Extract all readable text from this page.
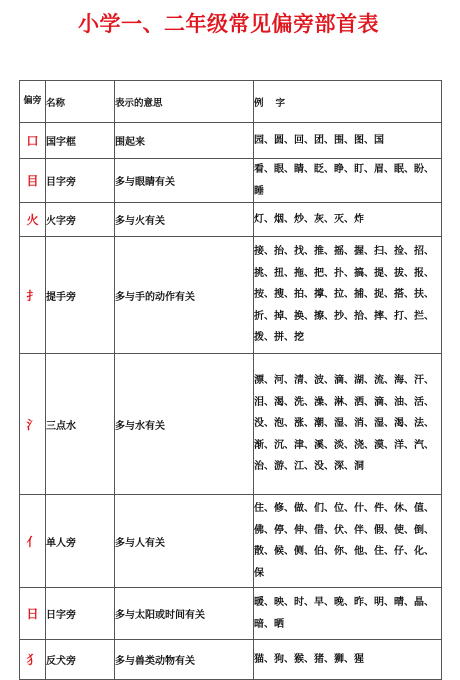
小学一、二年级常见偏旁部首表
偏旁	名称	表示的意思	例字
口	国字框	围起来	园、圆、回、团、围、图、国
目	目字旁	多与眼睛有关	看、眼、睛、眨、睁、盯、眉、眠、盼、睡
火	火字旁	多与火有关	灯、烟、炒、灰、灭、炸
扌	提手旁	多与手的动作有关	接、抬、找、推、摇、握、扫、捡、招、挑、扭、拖、把、扑、搞、提、拔、报、按、搜、拍、撑、拉、捕、捉、搭、扶、折、掉、换、擦、抄、拾、摔、打、拦、拨、拼、挖
氵	三点水	多与水有关	漂、河、清、波、滴、湖、流、海、汗、泪、渴、洗、澡、淋、洒、滴、油、活、没、泡、涨、潮、湿、消、湿、渴、法、渐、沉、津、溪、淡、浇、漠、洋、汽、治、游、江、没、深、洞
亻	单人旁	多与人有关	住、修、做、们、位、什、件、休、值、佛、停、伸、借、伏、伴、假、使、倒、散、候、侧、伯、你、他、住、仔、化、保
日	日字旁	多与太阳或时间有关	暖、映、时、早、晚、昨、明、晴、晶、暗、晒
犭	反犬旁	多与兽类动物有关	猫、狗、猴、猪、狮、猩
